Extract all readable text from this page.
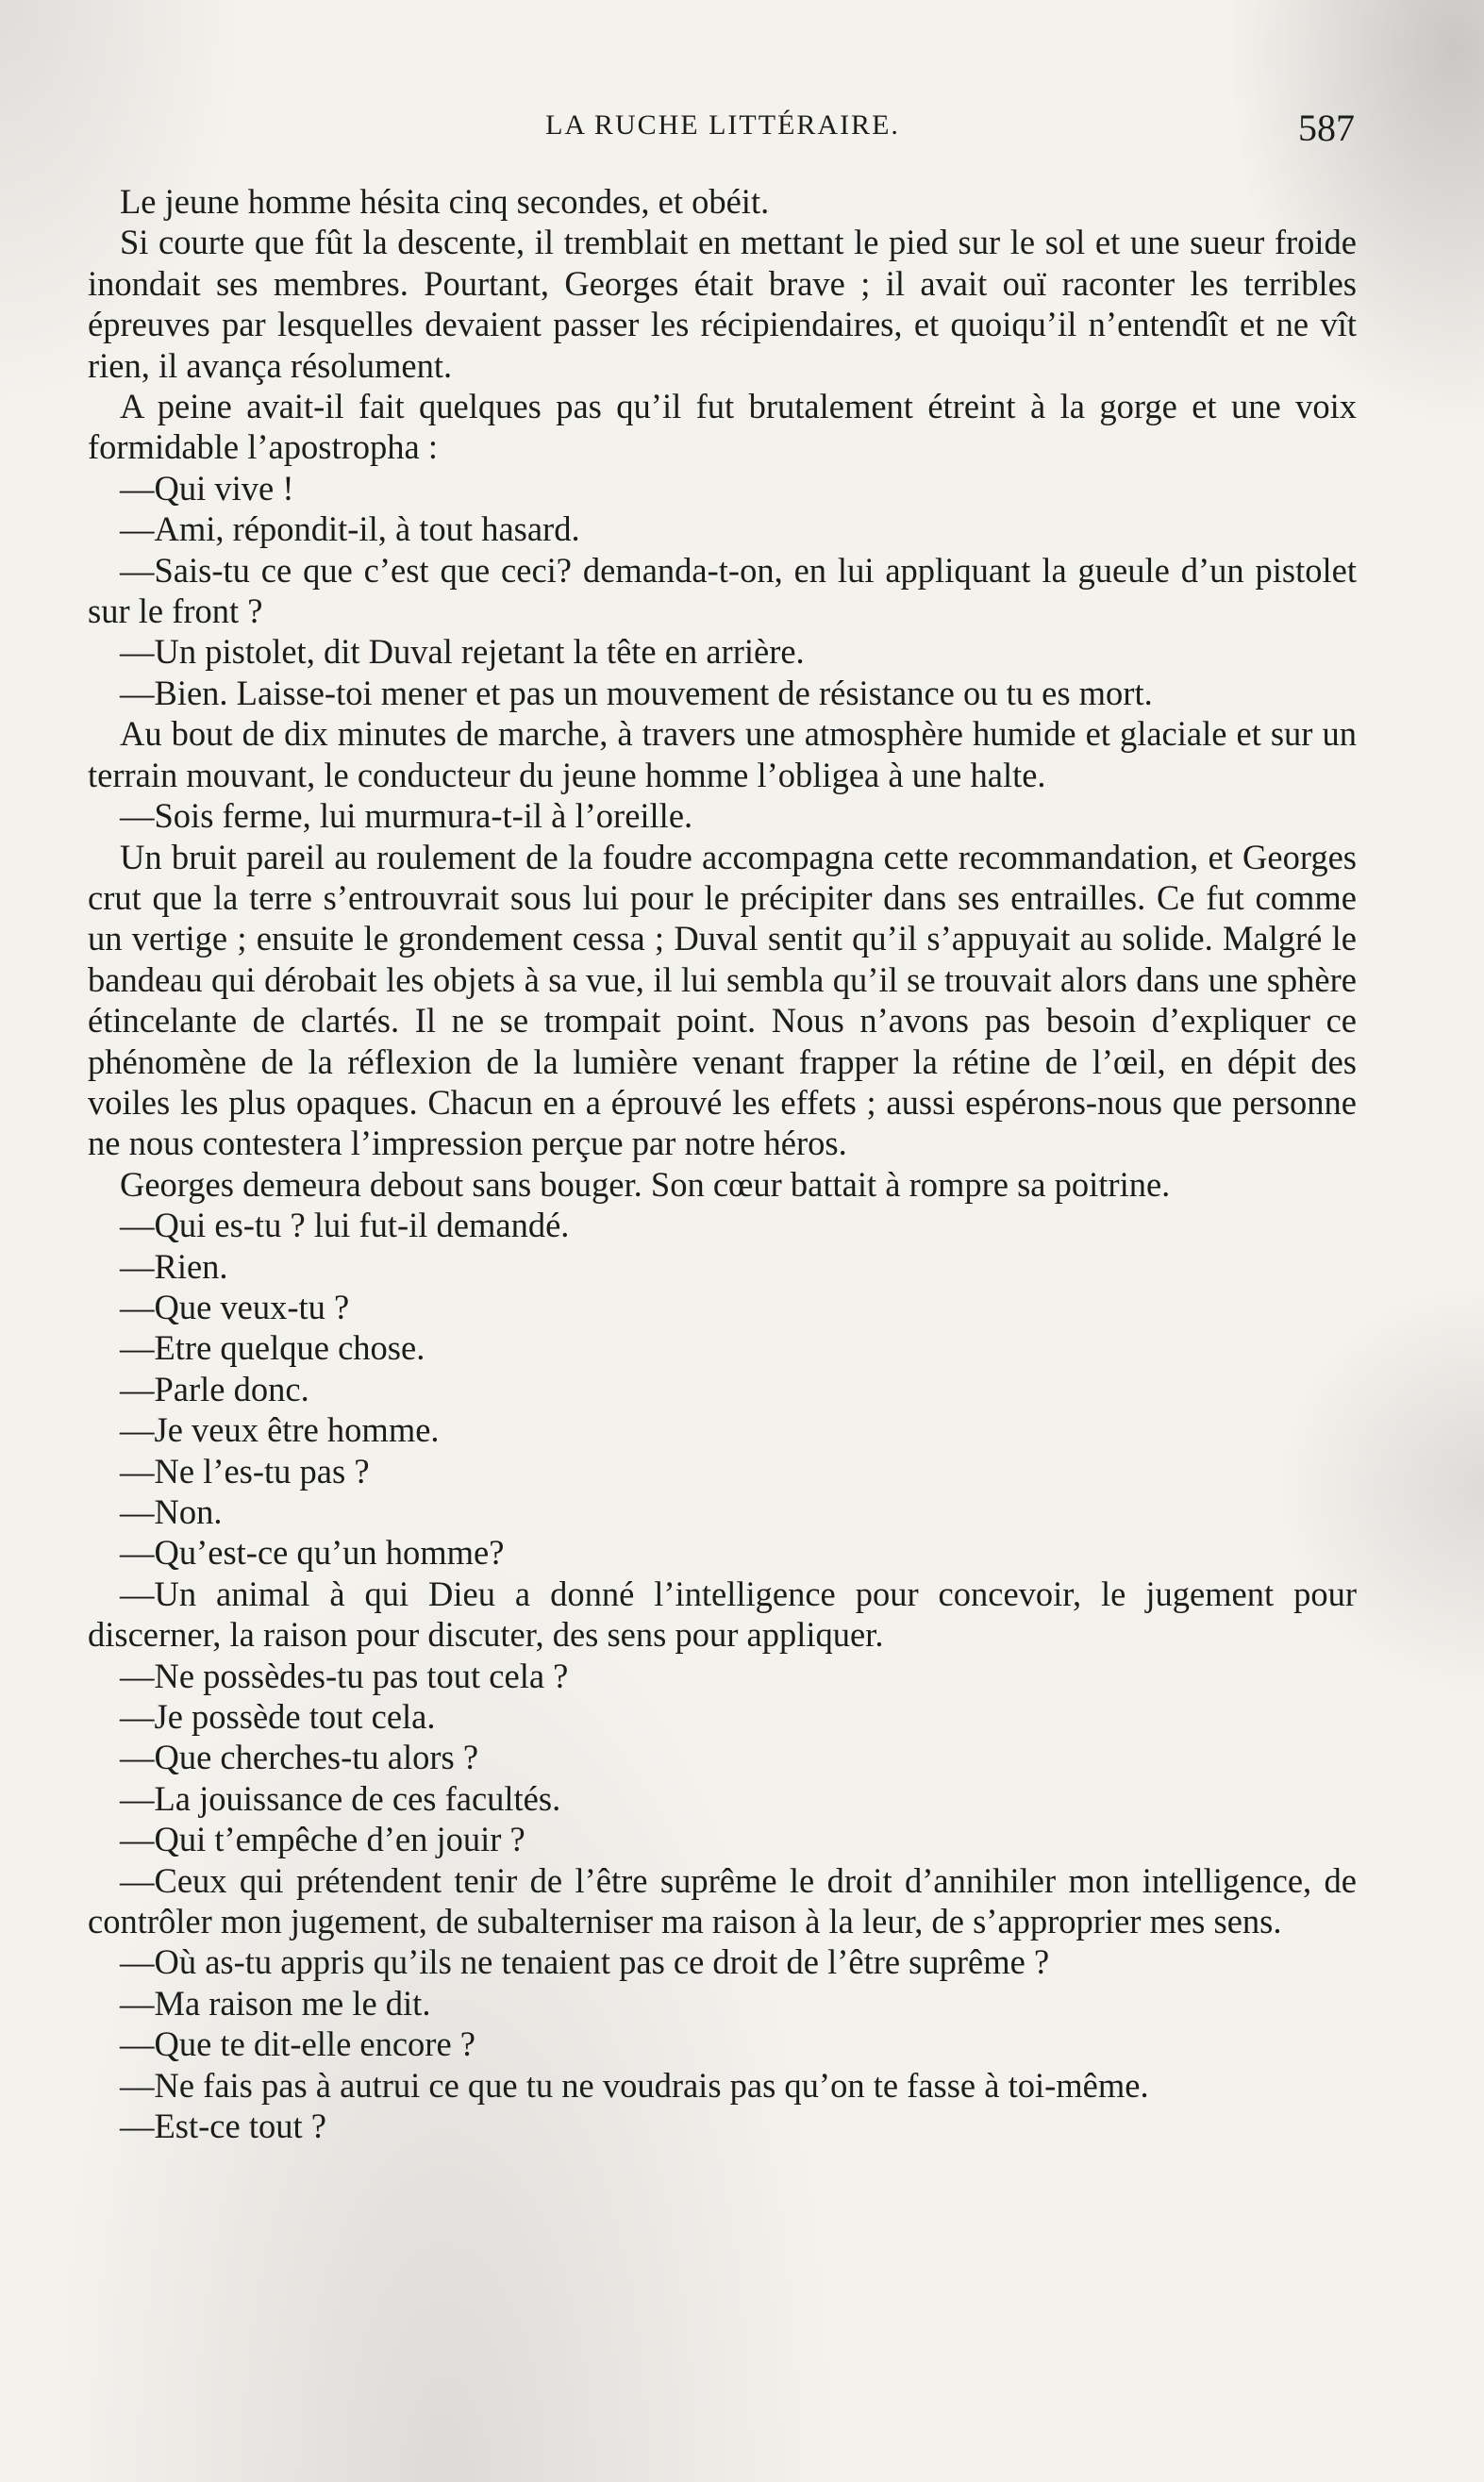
LA RUCHE LITTÉRAIRE.	587

Le jeune homme hésita cinq secondes, et obéit.

Si courte que fût la descente, il tremblait en mettant le pied sur le sol et une sueur froide inondait ses membres. Pourtant, Georges était brave ; il avait ouï raconter les terribles épreuves par lesquelles devaient passer les récipiendaires, et quoiqu’il n’entendît et ne vît rien, il avança résolument.

A peine avait-il fait quelques pas qu’il fut brutalement étreint à la gorge et une voix formidable l’apostropha :

—Qui vive !

—Ami, répondit-il, à tout hasard.

—Sais-tu ce que c’est que ceci? demanda-t-on, en lui appliquant la gueule d’un pistolet sur le front ?

—Un pistolet, dit Duval rejetant la tête en arrière.

—Bien. Laisse-toi mener et pas un mouvement de résistance ou tu es mort.

Au bout de dix minutes de marche, à travers une atmosphère humide et glaciale et sur un terrain mouvant, le conducteur du jeune homme l’obligea à une halte.

—Sois ferme, lui murmura-t-il à l’oreille.

Un bruit pareil au roulement de la foudre accompagna cette recommandation, et Georges crut que la terre s’entrouvrait sous lui pour le précipiter dans ses entrailles. Ce fut comme un vertige ; ensuite le grondement cessa ; Duval sentit qu’il s’appuyait au solide. Malgré le bandeau qui dérobait les objets à sa vue, il lui sembla qu’il se trouvait alors dans une sphère étincelante de clartés. Il ne se trompait point. Nous n’avons pas besoin d’expliquer ce phénomène de la réflexion de la lumière venant frapper la rétine de l’œil, en dépit des voiles les plus opaques. Chacun en a éprouvé les effets ; aussi espérons-nous que personne ne nous contestera l’impression perçue par notre héros.

Georges demeura debout sans bouger. Son cœur battait à rompre sa poitrine.

—Qui es-tu ? lui fut-il demandé.

—Rien.

—Que veux-tu ?

—Etre quelque chose.

—Parle donc.

—Je veux être homme.

—Ne l’es-tu pas ?

—Non.

—Qu’est-ce qu’un homme?

—Un animal à qui Dieu a donné l’intelligence pour concevoir, le jugement pour discerner, la raison pour discuter, des sens pour appliquer.

—Ne possèdes-tu pas tout cela ?

—Je possède tout cela.

—Que cherches-tu alors ?

—La jouissance de ces facultés.

—Qui t’empêche d’en jouir ?

—Ceux qui prétendent tenir de l’être suprême le droit d’annihiler mon intelligence, de contrôler mon jugement, de subalterniser ma raison à la leur, de s’approprier mes sens.

—Où as-tu appris qu’ils ne tenaient pas ce droit de l’être suprême ?

—Ma raison me le dit.

—Que te dit-elle encore ?

—Ne fais pas à autrui ce que tu ne voudrais pas qu’on te fasse à toi-même.

—Est-ce tout ?
